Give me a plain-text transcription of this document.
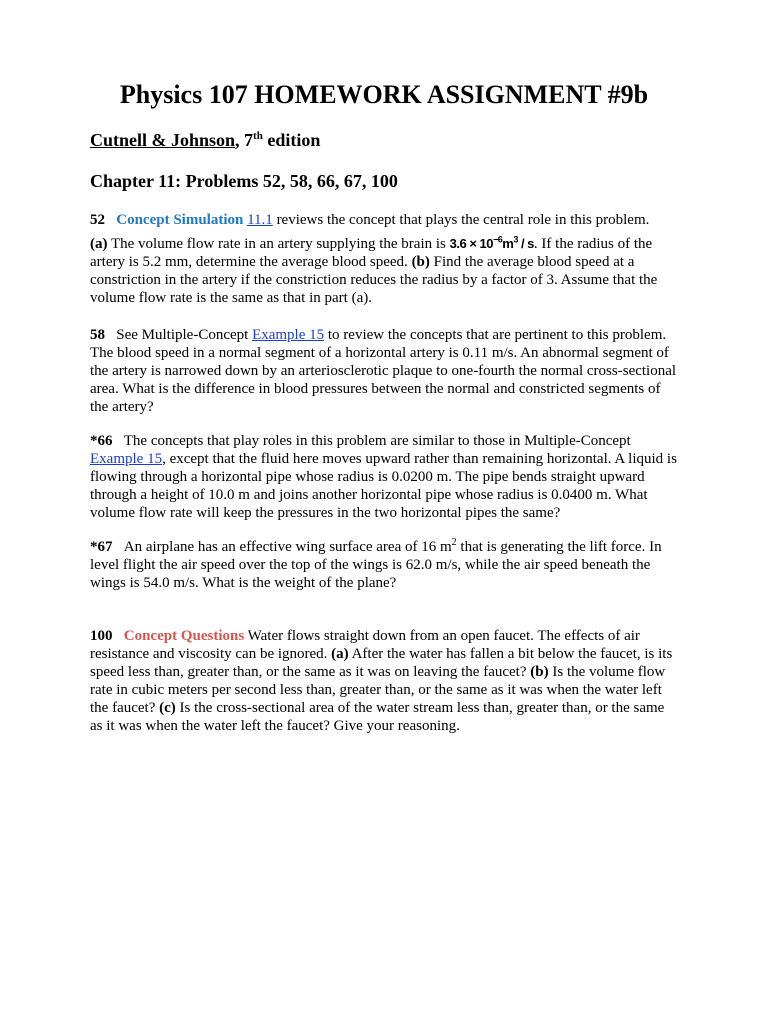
Physics 107 HOMEWORK ASSIGNMENT #9b
Cutnell & Johnson, 7th edition
Chapter 11: Problems 52, 58, 66, 67, 100

52 Concept Simulation 11.1 reviews the concept that plays the central role in this problem.

(a) The volume flow rate in an artery supplying the brain is $3.6 \times 10^{-6}m^3 / s$. If the radius of the artery is 5.2 mm, determine the average blood speed. (b) Find the average blood speed at a constriction in the artery if the constriction reduces the radius by a factor of 3. Assume that the volume flow rate is the same as that in part (a).

58 See Multiple-Concept Example 15 to review the concepts that are pertinent to this problem. The blood speed in a normal segment of a horizontal artery is 0.11 m/s. An abnormal segment of the artery is narrowed down by an arteriosclerotic plaque to one-fourth the normal cross-sectional area. What is the difference in blood pressures between the normal and constricted segments of the artery?

*66 The concepts that play roles in this problem are similar to those in Multiple-Concept Example 15, except that the fluid here moves upward rather than remaining horizontal. A liquid is flowing through a horizontal pipe whose radius is 0.0200 m. The pipe bends straight upward through a height of 10.0 m and joins another horizontal pipe whose radius is 0.0400 m. What volume flow rate will keep the pressures in the two horizontal pipes the same?

*67 An airplane has an effective wing surface area of 16 $m^2$ that is generating the lift force. In level flight the air speed over the top of the wings is 62.0 m/s, while the air speed beneath the wings is 54.0 m/s. What is the weight of the plane?

100 Concept Questions Water flows straight down from an open faucet. The effects of air resistance and viscosity can be ignored. (a) After the water has fallen a bit below the faucet, is its speed less than, greater than, or the same as it was on leaving the faucet? (b) Is the volume flow rate in cubic meters per second less than, greater than, or the same as it was when the water left the faucet? (c) Is the cross-sectional area of the water stream less than, greater than, or the same as it was when the water left the faucet? Give your reasoning.
